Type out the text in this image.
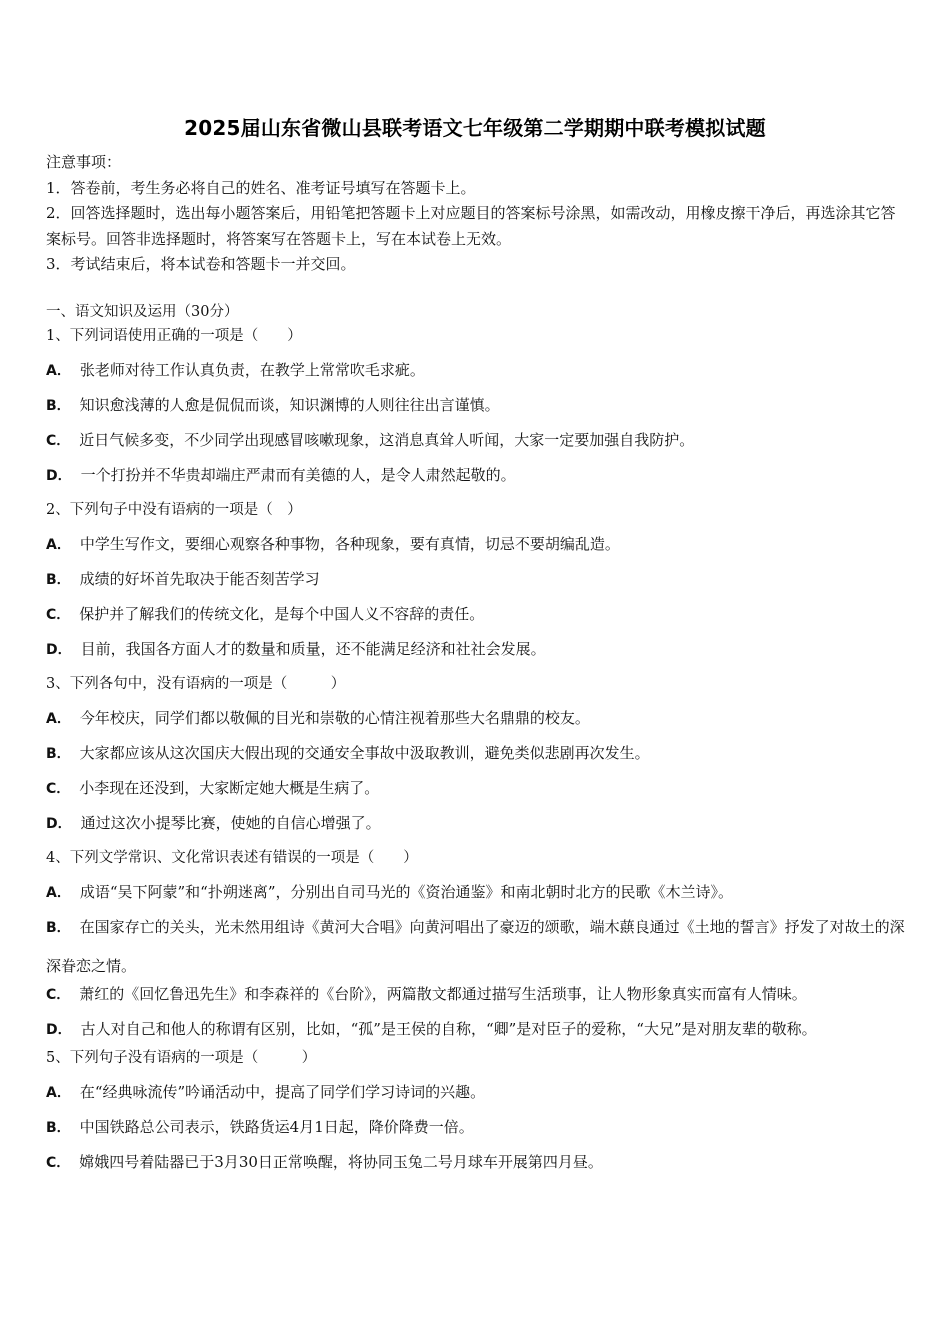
2025届山东省微山县联考语文七年级第二学期期中联考模拟试题
注意事项：
1．答卷前，考生务必将自己的姓名、准考证号填写在答题卡上。
2．回答选择题时，选出每小题答案后，用铅笔把答题卡上对应题目的答案标号涂黑，如需改动，用橡皮擦干净后，再选涂其它答案标号。回答非选择题时，将答案写在答题卡上，写在本试卷上无效。
3．考试结束后，将本试卷和答题卡一并交回。
一、语文知识及运用（30分）
1、下列词语使用正确的一项是（　　）
A． 张老师对待工作认真负责，在教学上常常吹毛求疵。
B． 知识愈浅薄的人愈是侃侃而谈，知识渊博的人则往往出言谨慎。
C． 近日气候多变，不少同学出现感冒咳嗽现象，这消息真耸人听闻，大家一定要加强自我防护。
D． 一个打扮并不华贵却端庄严肃而有美德的人，是令人肃然起敬的。
2、下列句子中没有语病的一项是（　）
A． 中学生写作文，要细心观察各种事物，各种现象，要有真情，切忌不要胡编乱造。
B． 成绩的好坏首先取决于能否刻苦学习
C． 保护并了解我们的传统文化，是每个中国人义不容辞的责任。
D． 目前，我国各方面人才的数量和质量，还不能满足经济和社社会发展。
3、下列各句中，没有语病的一项是（　　　）
A． 今年校庆，同学们都以敬佩的目光和崇敬的心情注视着那些大名鼎鼎的校友。
B． 大家都应该从这次国庆大假出现的交通安全事故中汲取教训，避免类似悲剧再次发生。
C． 小李现在还没到，大家断定她大概是生病了。
D． 通过这次小提琴比赛，使她的自信心增强了。
4、下列文学常识、文化常识表述有错误的一项是（　　）
A． 成语“吴下阿蒙”和“扑朔迷离”，分别出自司马光的《资治通鉴》和南北朝时北方的民歌《木兰诗》。
B． 在国家存亡的关头，光未然用组诗《黄河大合唱》向黄河唱出了豪迈的颂歌，端木蕻良通过《土地的誓言》抒发了对故土的深深眷恋之情。
C． 萧红的《回忆鲁迅先生》和李森祥的《台阶》，两篇散文都通过描写生活琐事，让人物形象真实而富有人情味。
D． 古人对自己和他人的称谓有区别，比如，“孤”是王侯的自称，“卿”是对臣子的爱称，“大兄”是对朋友辈的敬称。
5、下列句子没有语病的一项是（　　　）
A． 在“经典咏流传”吟诵活动中，提高了同学们学习诗词的兴趣。
B． 中国铁路总公司表示，铁路货运4月1日起，降价降费一倍。
C． 嫦娥四号着陆器已于3月30日正常唤醒，将协同玉兔二号月球车开展第四月昼。
